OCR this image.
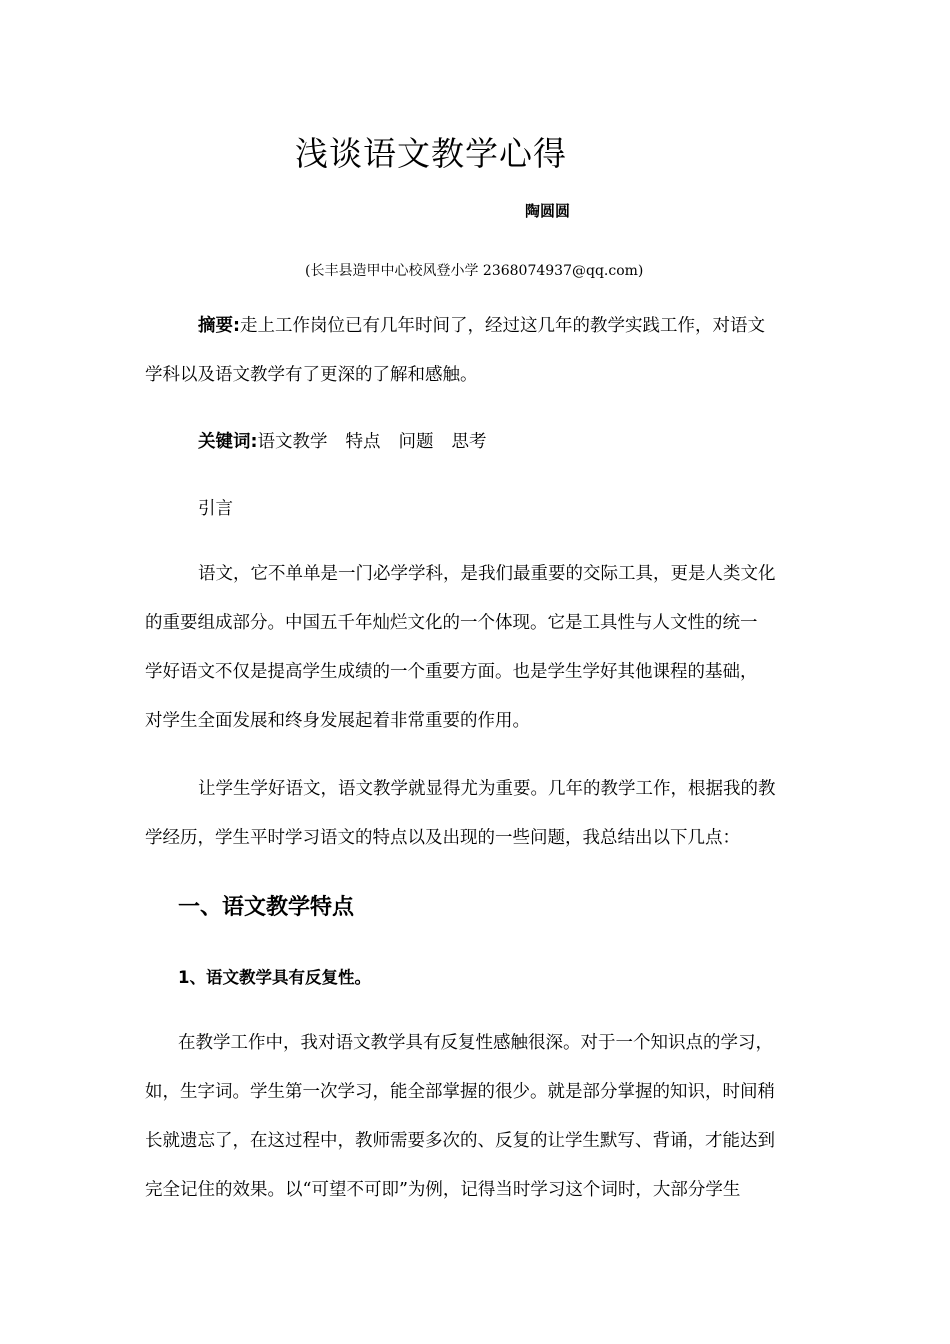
浅谈语文教学心得
陶圆圆
(长丰县造甲中心校风登小学 2368074937@qq.com)
摘要:走上工作岗位已有几年时间了，经过这几年的教学实践工作，对语文
学科以及语文教学有了更深的了解和感触。
关键词:语文教学 特点 问题 思考
引言
语文，它不单单是一门必学学科，是我们最重要的交际工具，更是人类文化
的重要组成部分。中国五千年灿烂文化的一个体现。它是工具性与人文性的统一
学好语文不仅是提高学生成绩的一个重要方面。也是学生学好其他课程的基础，
对学生全面发展和终身发展起着非常重要的作用。
让学生学好语文，语文教学就显得尤为重要。几年的教学工作，根据我的教
学经历，学生平时学习语文的特点以及出现的一些问题，我总结出以下几点：
一、语文教学特点
1、语文教学具有反复性。
在教学工作中，我对语文教学具有反复性感触很深。对于一个知识点的学习，
如，生字词。学生第一次学习，能全部掌握的很少。就是部分掌握的知识，时间稍
长就遗忘了，在这过程中，教师需要多次的、反复的让学生默写、背诵，才能达到
完全记住的效果。以“可望不可即”为例，记得当时学习这个词时，大部分学生
